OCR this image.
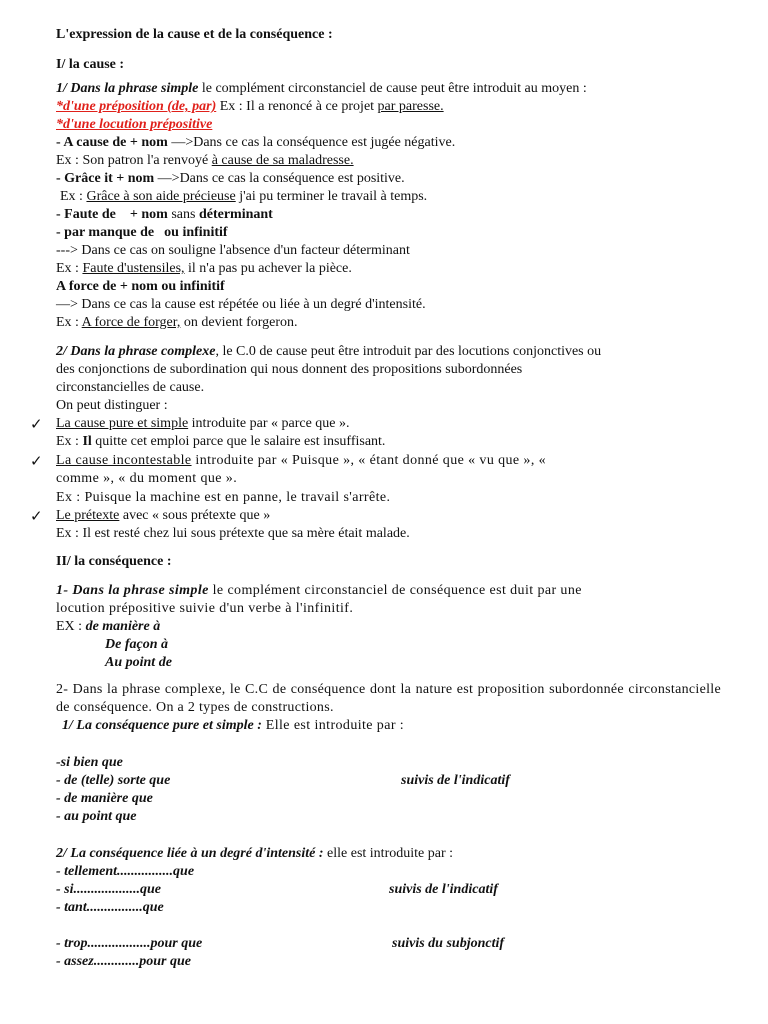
L'expression de la cause et de la conséquence :
I/ la cause :
1/ Dans la phrase simple le complément circonstanciel de cause peut être introduit au moyen :
*d'une préposition (de, par) Ex : Il a renoncé à ce projet par paresse.
*d'une locution prépositive
- A cause de + nom —>Dans ce cas la conséquence est jugée négative.
Ex : Son patron l'a renvoyé à cause de sa maladresse.
- Grâce it + nom —>Dans ce cas la conséquence est positive.
Ex : Grâce à son aide précieuse j'ai pu terminer le travail à temps.
- Faute de + nom sans déterminant
- par manque de ou infinitif
---> Dans ce cas on souligne l'absence d'un facteur déterminant
Ex : Faute d'ustensiles, il n'a pas pu achever la pièce.
A force de + nom ou infinitif
—> Dans ce cas la cause est répétée ou liée à un degré d'intensité.
Ex : A force de forger, on devient forgeron.
2/ Dans la phrase complexe, le C.0 de cause peut être introduit par des locutions conjonctives ou
des conjonctions de subordination qui nous donnent des propositions subordonnées
circonstancielles de cause.
On peut distinguer :
✓ La cause pure et simple introduite par « parce que ».
Ex : Il quitte cet emploi parce que le salaire est insuffisant.
✓ La cause incontestable introduite par « Puisque », « étant donné que « vu que », «
comme », « du moment que ».
Ex : Puisque la machine est en panne, le travail s'arrête.
✓ Le prétexte avec « sous prétexte que »
Ex : Il est resté chez lui sous prétexte que sa mère était malade.
II/ la conséquence :
1- Dans la phrase simple le complément circonstanciel de conséquence est duit par une
locution prépositive suivie d'un verbe à l'infinitif.
EX : de manière à
De façon à
Au point de
2- Dans la phrase complexe, le C.C de conséquence dont la nature est proposition subordonnée circonstancielle de conséquence. On a 2 types de constructions.
1/ La conséquence pure et simple : Elle est introduite par :
-si bien que
- de (telle) sorte que	suivis de l'indicatif
- de manière que
- au point que
2/ La conséquence liée à un degré d'intensité : elle est introduite par :
- tellement................que
- si...................que	suivis de l'indicatif
- tant................que
- trop..................pour que	suivis du subjonctif
- assez.............pour que
